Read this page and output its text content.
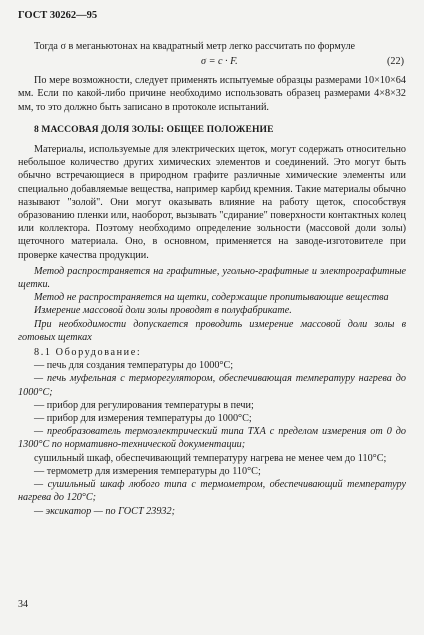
ГОСТ 30262—95

Тогда σ в меганьютонах на квадратный метр легко рассчитать по формуле

σ = c · F.	(22)

По мере возможности, следует применять испытуемые образцы размерами 10×10×64 мм. Если по какой-либо причине необходимо использовать образец размерами 4×8×32 мм, то это должно быть записано в протоколе испытаний.

8 МАССОВАЯ ДОЛЯ ЗОЛЫ: ОБЩЕЕ ПОЛОЖЕНИЕ

Материалы, используемые для электрических щеток, могут содержать относительно небольшое количество других химических элементов и соединений. Это могут быть обычно встречающиеся в природном графите различные химические элементы или специально добавляемые вещества, например карбид кремния. Такие материалы обычно называют "золой". Они могут оказывать влияние на работу щеток, способствуя образованию пленки или, наоборот, вызывать "сдирание" поверхности контактных колец или коллектора. Поэтому необходимо определение зольности (массовой доли золы) щеточного материала. Оно, в основном, применяется на заводе-изготовителе при проверке качества продукции.

Метод распространяется на графитные, угольно-графитные и электрографитные щетки.

Метод не распространяется на щетки, содержащие пропитывающие вещества

Измерение массовой доли золы проводят в полуфабрикате.

При необходимости допускается проводить измерение массовой доли золы в готовых щетках

8.1 Оборудование:

— печь для создания температуры до 1000°С;

— печь муфельная с терморегулятором, обеспечивающая температуру нагрева до 1000°С;

— прибор для регулирования температуры в печи;

— прибор для измерения температуры до 1000°С;

— преобразователь термоэлектрический типа ТХА с пределом измерения от 0 до 1300°С по нормативно-технической документации;

сушильный шкаф, обеспечивающий температуру нагрева не менее чем до 110°С;

— термометр для измерения температуры до 110°С;

— сушильный шкаф любого типа с термометром, обеспечивающий температуру нагрева до 120°С;

— эксикатор — по ГОСТ 23932;

34
